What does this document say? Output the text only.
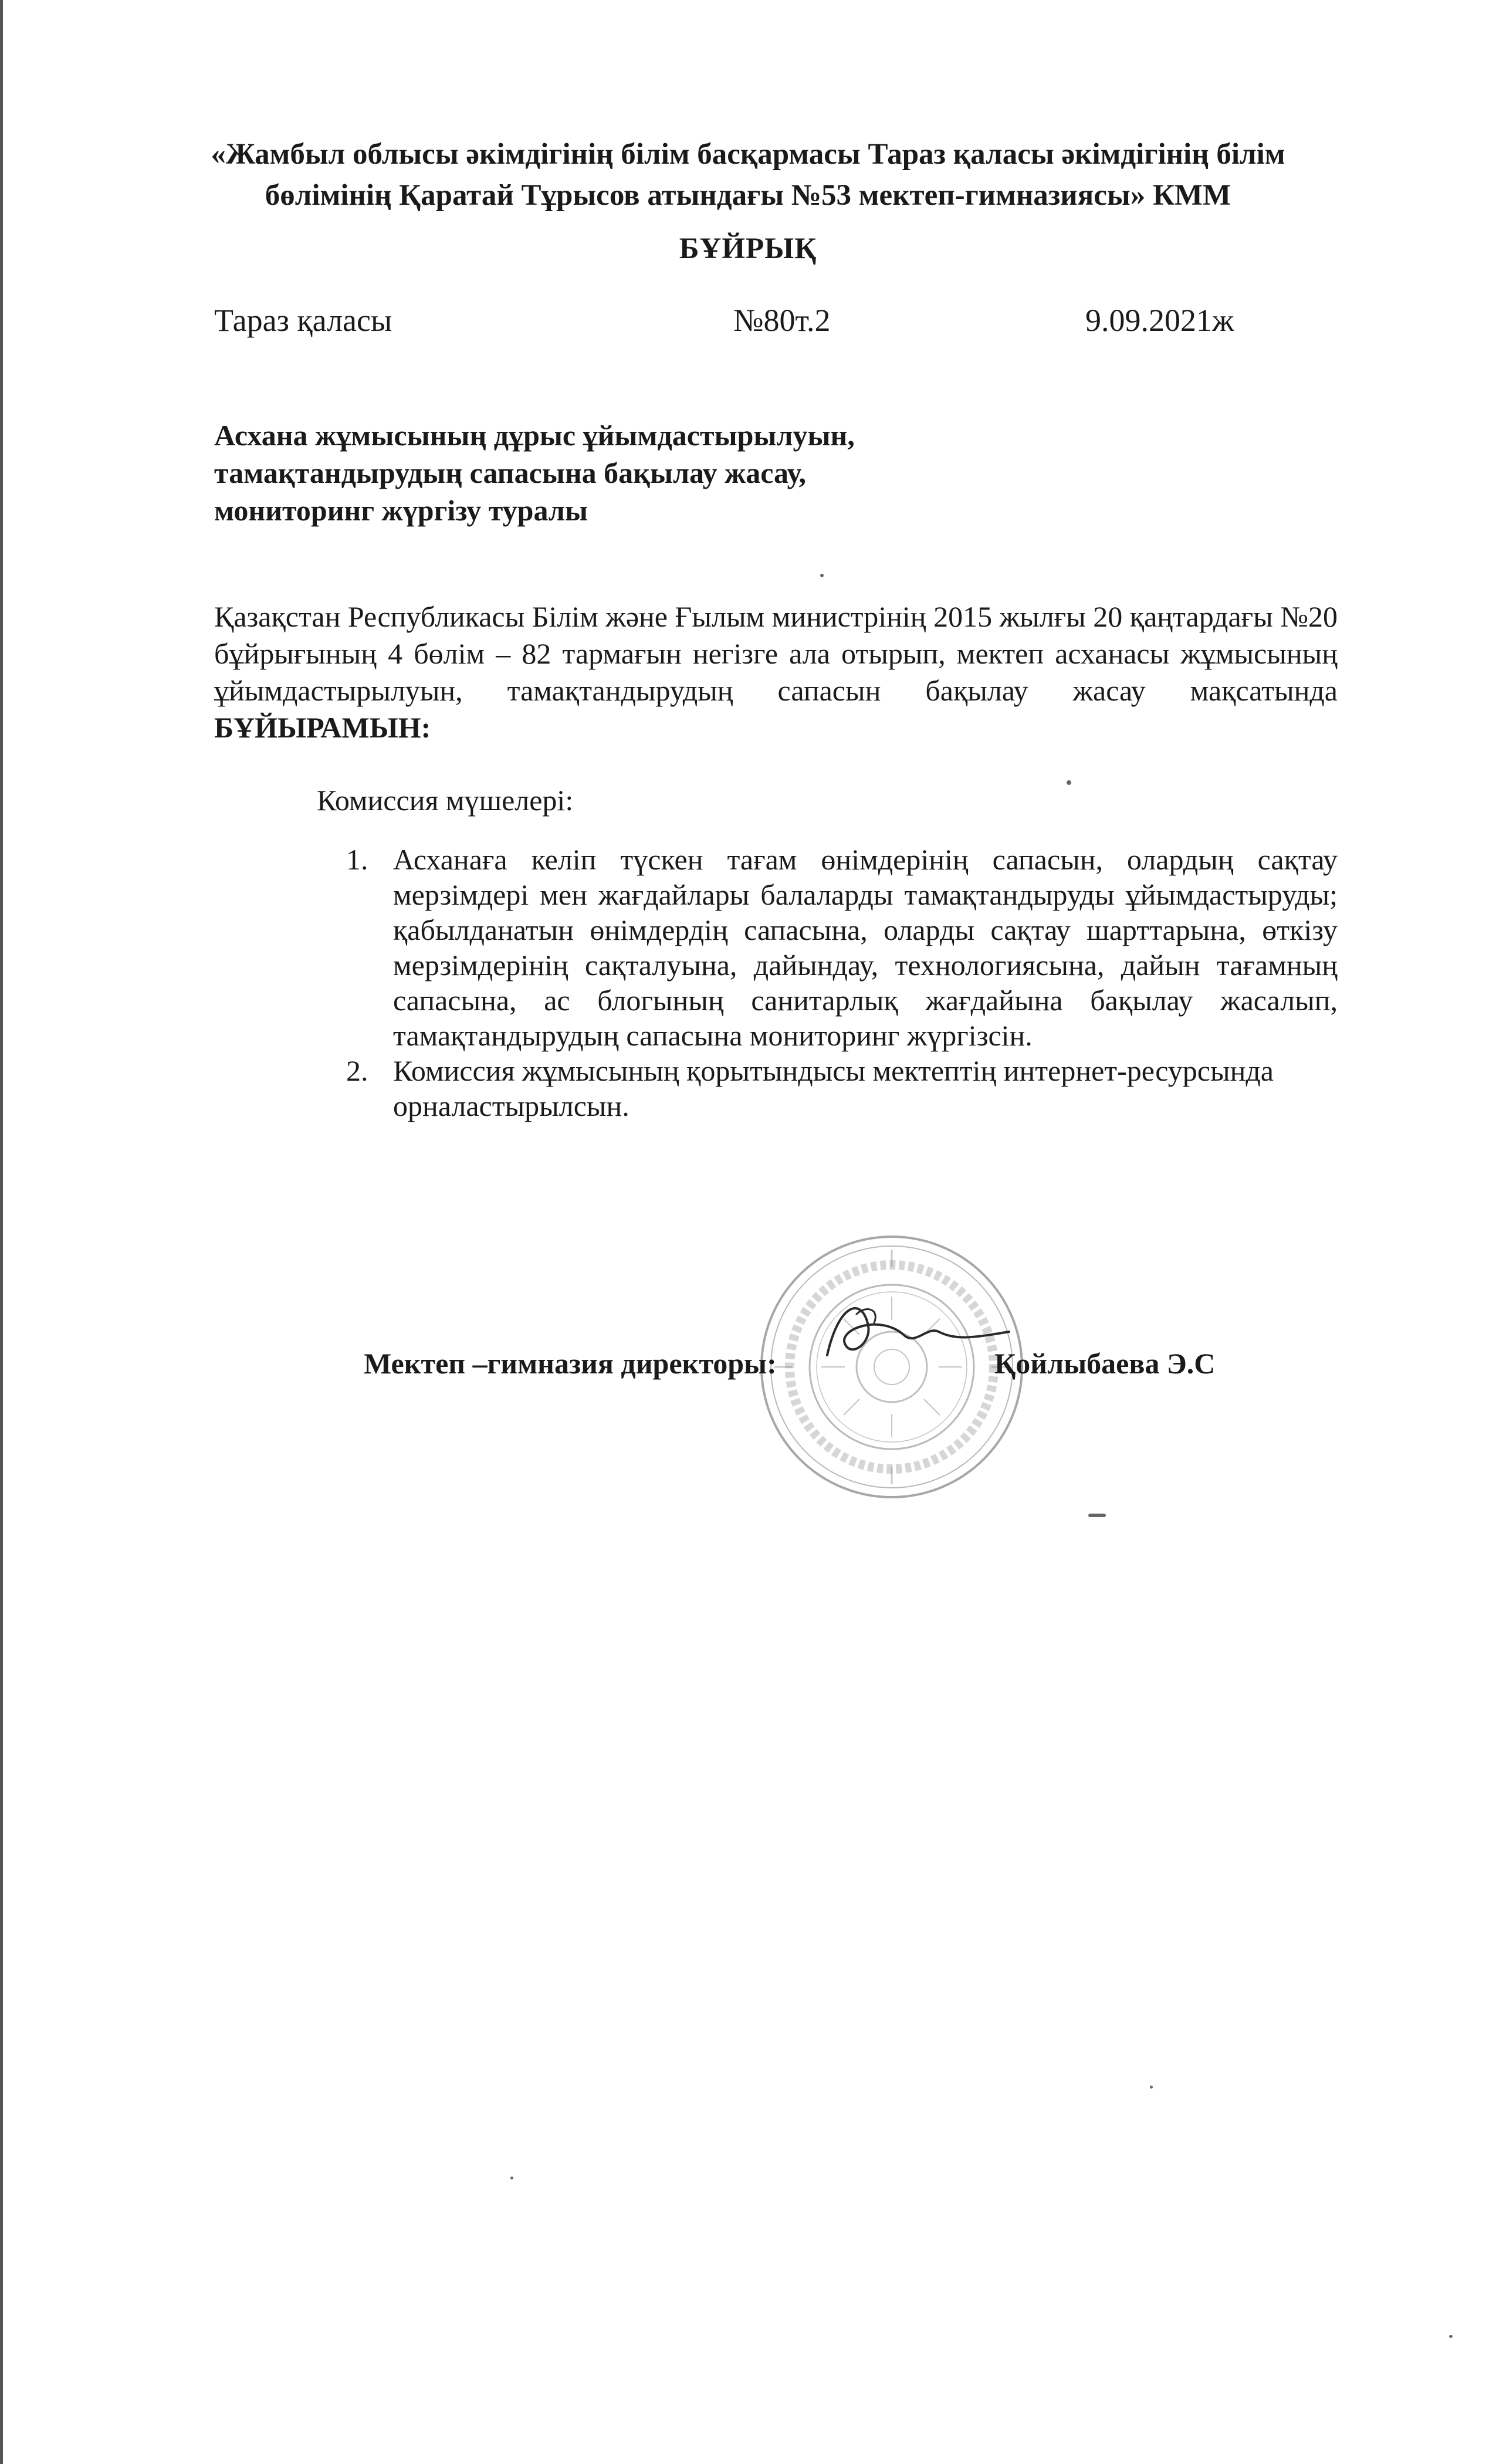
«Жамбыл облысы әкімдігінің білім басқармасы Тараз қаласы әкімдігінің білім
бөлімінің Қаратай Тұрысов атындағы №53 мектеп-гимназиясы» КММ
БҰЙРЫҚ
Тараз қаласы	№80т.2	9.09.2021ж
Асхана жұмысының дұрыс ұйымдастырылуын,
тамақтандырудың сапасына бақылау жасау,
мониторинг жүргізу туралы
Қазақстан Республикасы Білім және Ғылым министрінің 2015 жылғы 20 қаңтардағы №20
бұйрығының 4 бөлім – 82 тармағын негізге ала отырып, мектеп асханасы жұмысының
ұйымдастырылуын, тамақтандырудың сапасын бақылау жасау мақсатында
БҰЙЫРАМЫН:
Комиссия мүшелері:
1. Асханаға келіп түскен тағам өнімдерінің сапасын, олардың сақтау
мерзімдері мен жағдайлары балаларды тамақтандыруды ұйымдастыруды;
қабылданатын өнімдердің сапасына, оларды сақтау шарттарына, өткізу
мерзімдерінің сақталуына, дайындау, технологиясына, дайын тағамның
сапасына, ас блогының санитарлық жағдайына бақылау жасалып,
тамақтандырудың сапасына мониторинг жүргізсін.
2. Комиссия жұмысының қорытындысы мектептің интернет-ресурсында
орналастырылсын.
Мектеп –гимназия директоры:	Қойлыбаева Э.С
